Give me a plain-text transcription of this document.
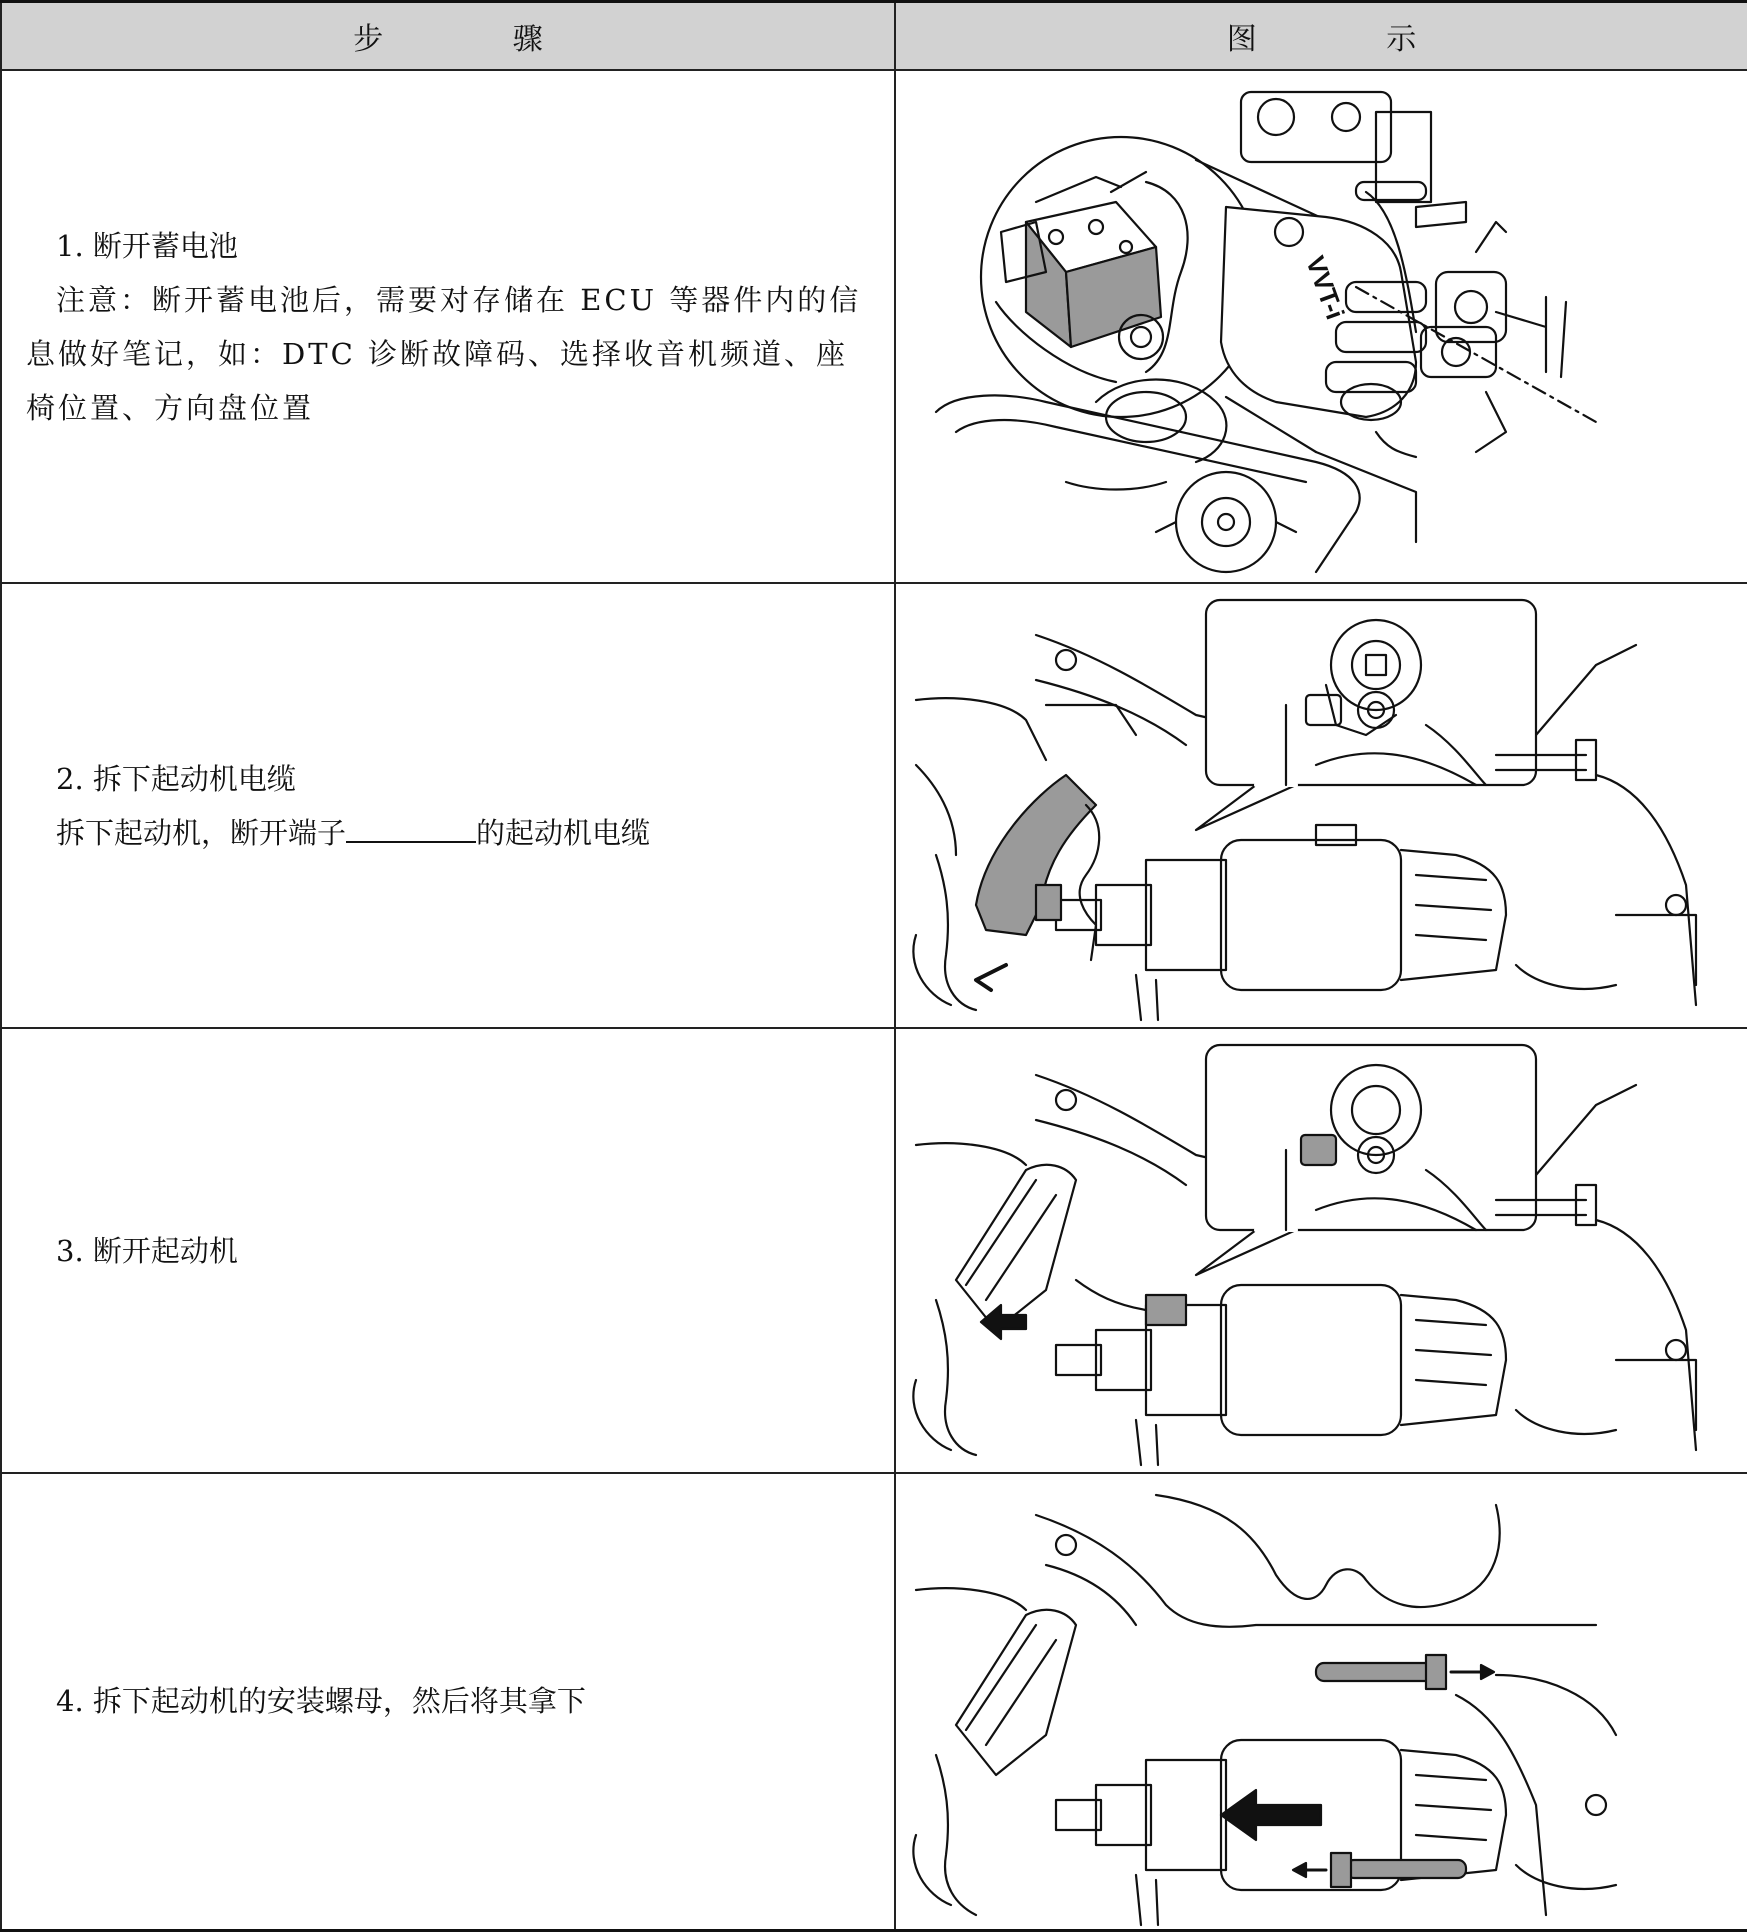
步 骤	图 示

1. 断开蓄电池
注意：断开蓄电池后，需要对存储在 ECU 等器件内的信
息做好笔记，如：DTC 诊断故障码、选择收音机频道、座
椅位置、方向盘位置	VVT-i

2. 拆下起动机电缆
拆下起动机，断开端子 的起动机电缆

3. 断开起动机

4. 拆下起动机的安装螺母，然后将其拿下
